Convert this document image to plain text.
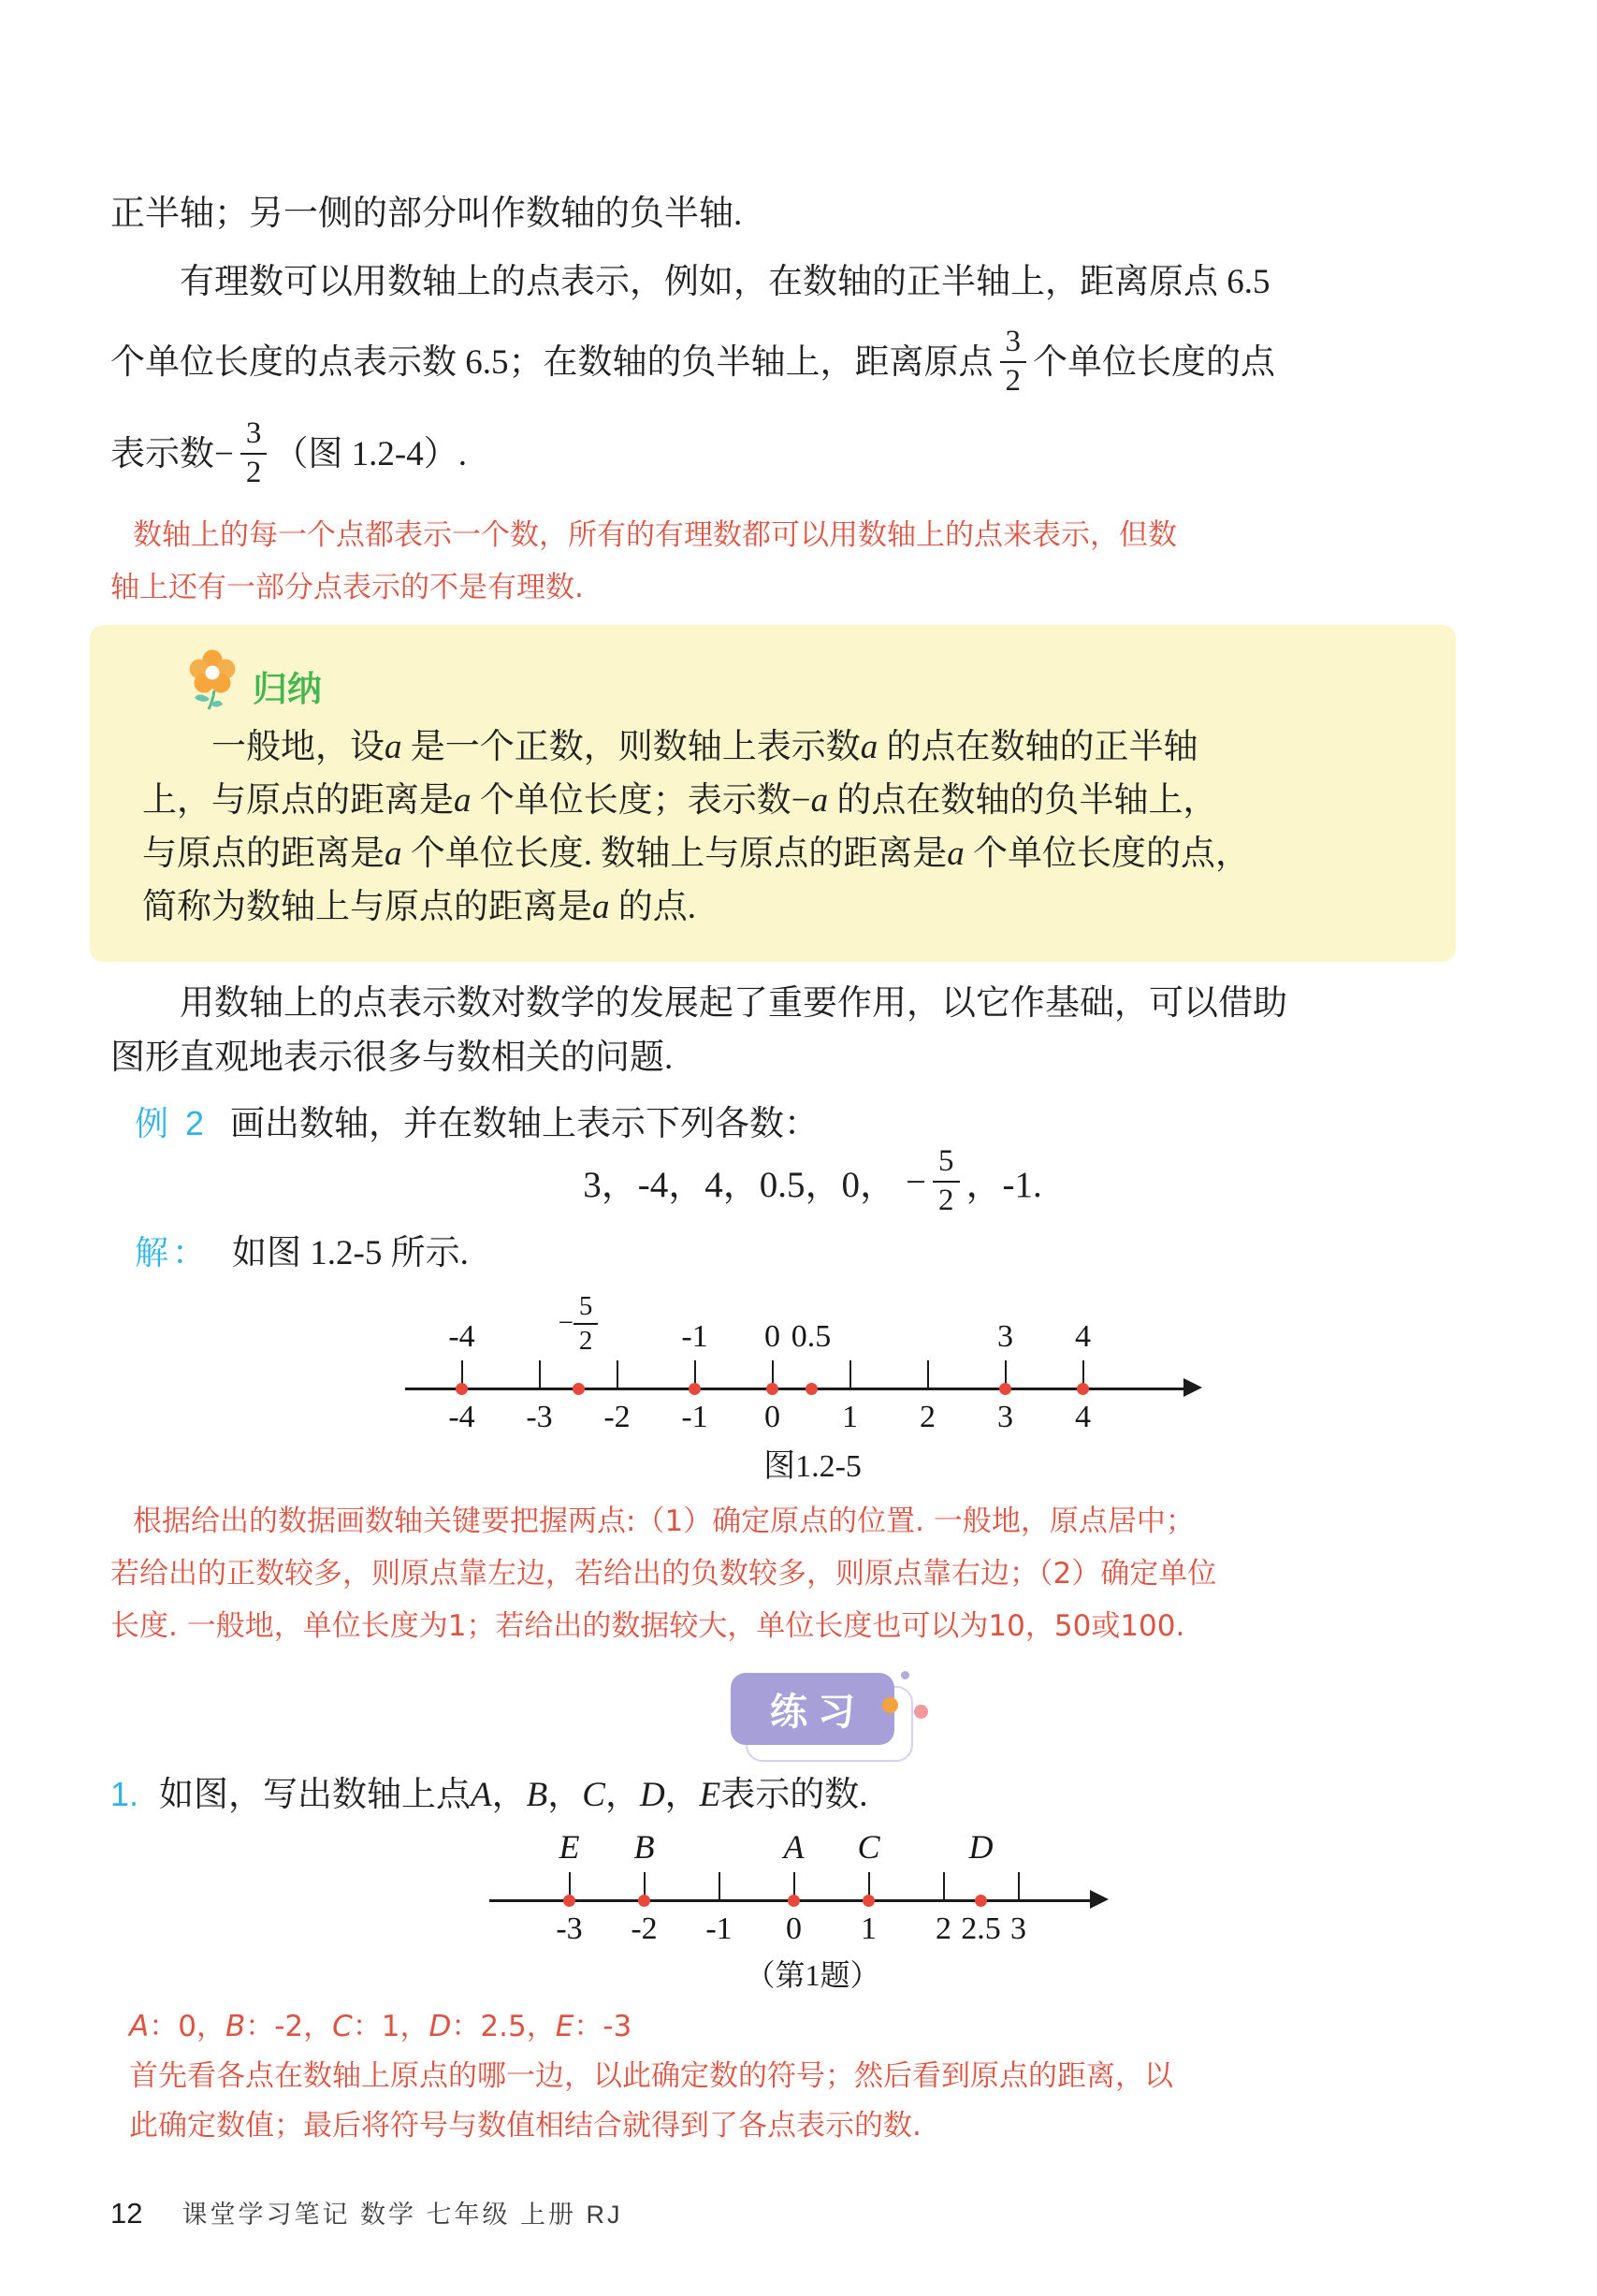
正半轴；另一侧的部分叫作数轴的负半轴.
有理数可以用数轴上的点表示，例如，在数轴的正半轴上，距离原点 6.5
个单位长度的点表示数 6.5；在数轴的负半轴上，距离原点 $\frac{3}{2}$ 个单位长度的点
表示数− $\frac{3}{2}$ （图 1.2-4）.
数轴上的每一个点都表示一个数，所有的有理数都可以用数轴上的点来表示，但数
轴上还有一部分点表示的不是有理数.
归纳
一般地，设a 是一个正数，则数轴上表示数a 的点在数轴的正半轴
上，与原点的距离是a 个单位长度；表示数−a 的点在数轴的负半轴上，
与原点的距离是a 个单位长度. 数轴上与原点的距离是a 个单位长度的点，
简称为数轴上与原点的距离是a 的点.
用数轴上的点表示数对数学的发展起了重要作用，以它作基础，可以借助
图形直观地表示很多与数相关的问题.
例 2 画出数轴，并在数轴上表示下列各数：
3，-4，4，0.5，0， − $\frac{5}{2}$ ，-1.
解： 如图 1.2-5 所示.
-4	-3	-2	-1	0	1	2	3	4
-4	− $\frac{5}{2}$	-1	0 0.5	3	4
图1.2-5
根据给出的数据画数轴关键要把握两点:（1）确定原点的位置. 一般地，原点居中；
若给出的正数较多，则原点靠左边，若给出的负数较多，则原点靠右边；（2）确定单位
长度. 一般地，单位长度为1；若给出的数据较大，单位长度也可以为10，50或100.
练 习
1. 如图，写出数轴上点A，B，C，D，E表示的数.
-3	-2	-1	0	1	2 2.5 3
E	B	A	C	D
（第1题）
A：0，B：-2，C：1，D：2.5，E：-3
首先看各点在数轴上原点的哪一边，以此确定数的符号；然后看到原点的距离，以
此确定数值；最后将符号与数值相结合就得到了各点表示的数.
12 课堂学习笔记 数学 七年级 上册 RJ
